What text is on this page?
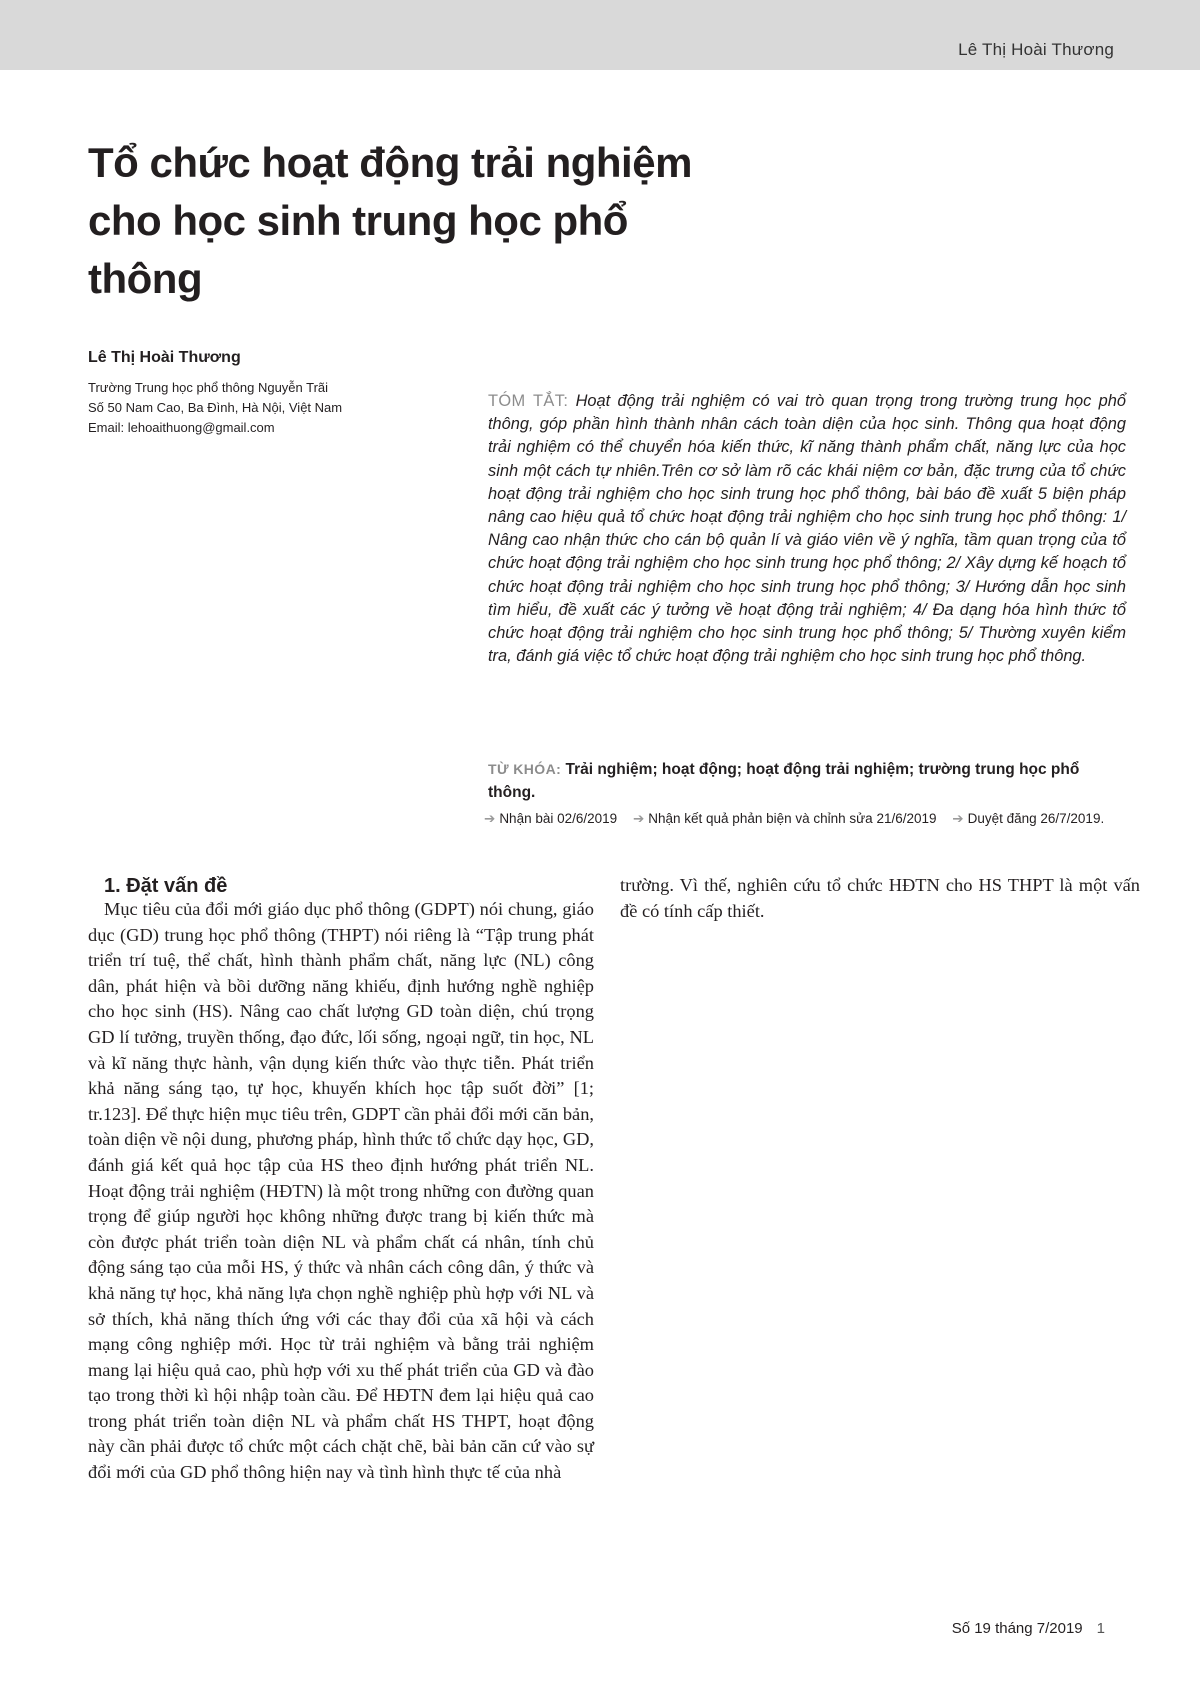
Lê Thị Hoài Thương
Tổ chức hoạt động trải nghiệm cho học sinh trung học phổ thông

Lê Thị Hoài Thương

Trường Trung học phổ thông Nguyễn Trãi
Số 50 Nam Cao, Ba Đình, Hà Nội, Việt Nam
Email: lehoaithuong@gmail.com

TÓM TẮT: Hoạt động trải nghiệm có vai trò quan trọng trong trường trung học phổ thông, góp phần hình thành nhân cách toàn diện của học sinh. Thông qua hoạt động trải nghiệm có thể chuyển hóa kiến thức, kĩ năng thành phẩm chất, năng lực của học sinh một cách tự nhiên.Trên cơ sở làm rõ các khái niệm cơ bản, đặc trưng của tổ chức hoạt động trải nghiệm cho học sinh trung học phổ thông, bài báo đề xuất 5 biện pháp nâng cao hiệu quả tổ chức hoạt động trải nghiệm cho học sinh trung học phổ thông: 1/ Nâng cao nhận thức cho cán bộ quản lí và giáo viên về ý nghĩa, tầm quan trọng của tổ chức hoạt động trải nghiệm cho học sinh trung học phổ thông; 2/ Xây dựng kế hoạch tổ chức hoạt động trải nghiệm cho học sinh trung học phổ thông; 3/ Hướng dẫn học sinh tìm hiểu, đề xuất các ý tưởng về hoạt động trải nghiệm; 4/ Đa dạng hóa hình thức tổ chức hoạt động trải nghiệm cho học sinh trung học phổ thông; 5/ Thường xuyên kiểm tra, đánh giá việc tổ chức hoạt động trải nghiệm cho học sinh trung học phổ thông.

TỪ KHÓA: Trải nghiệm; hoạt động; hoạt động trải nghiệm; trường trung học phổ thông.

➔ Nhận bài 02/6/2019 ➔ Nhận kết quả phản biện và chỉnh sửa 21/6/2019 ➔ Duyệt đăng 26/7/2019.
1. Đặt vấn đề

Mục tiêu của đổi mới giáo dục phổ thông (GDPT) nói chung, giáo dục (GD) trung học phổ thông (THPT) nói riêng là “Tập trung phát triển trí tuệ, thể chất, hình thành phẩm chất, năng lực (NL) công dân, phát hiện và bồi dưỡng năng khiếu, định hướng nghề nghiệp cho học sinh (HS). Nâng cao chất lượng GD toàn diện, chú trọng GD lí tưởng, truyền thống, đạo đức, lối sống, ngoại ngữ, tin học, NL và kĩ năng thực hành, vận dụng kiến thức vào thực tiễn. Phát triển khả năng sáng tạo, tự học, khuyến khích học tập suốt đời” [1; tr.123]. Để thực hiện mục tiêu trên, GDPT cần phải đổi mới căn bản, toàn diện về nội dung, phương pháp, hình thức tổ chức dạy học, GD, đánh giá kết quả học tập của HS theo định hướng phát triển NL. Hoạt động trải nghiệm (HĐTN) là một trong những con đường quan trọng để giúp người học không những được trang bị kiến thức mà còn được phát triển toàn diện NL và phẩm chất cá nhân, tính chủ động sáng tạo của mỗi HS, ý thức và nhân cách công dân, ý thức và khả năng tự học, khả năng lựa chọn nghề nghiệp phù hợp với NL và sở thích, khả năng thích ứng với các thay đổi của xã hội và cách mạng công nghiệp mới. Học từ trải nghiệm và bằng trải nghiệm mang lại hiệu quả cao, phù hợp với xu thế phát triển của GD và đào tạo trong thời kì hội nhập toàn cầu. Để HĐTN đem lại hiệu quả cao trong phát triển toàn diện NL và phẩm chất HS THPT, hoạt động này cần phải được tổ chức một cách chặt chẽ, bài bản căn cứ vào sự đổi mới của GD phổ thông hiện nay và tình hình thực tế của nhà

trường. Vì thế, nghiên cứu tổ chức HĐTN cho HS THPT là một vấn đề có tính cấp thiết.

Số 19 tháng 7/2019 1
